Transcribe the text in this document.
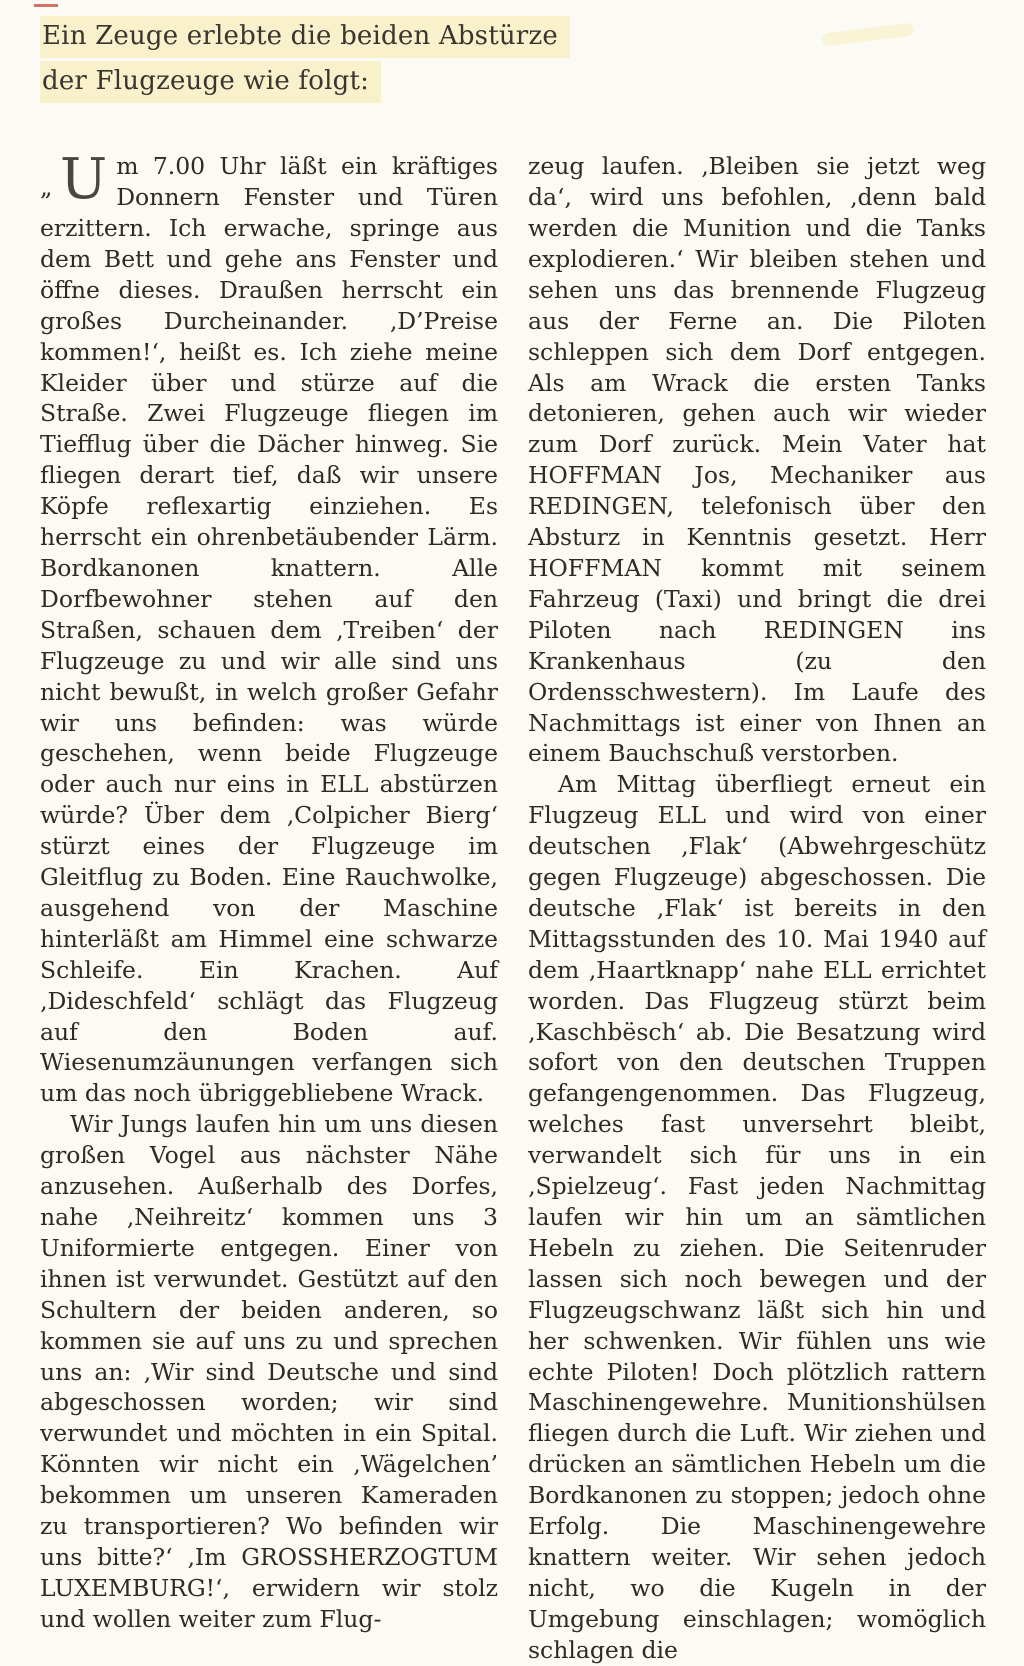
Ein Zeuge erlebte die beiden Abstürze
der Flugzeuge wie folgt:

„ U m 7.00 Uhr läßt ein kräftiges Donnern Fenster und Türen erzittern. Ich erwache, springe aus dem Bett und gehe ans Fenster und öffne dieses. Draußen herrscht ein großes Durcheinander. ‚D’Preise kommen!‘, heißt es. Ich ziehe meine Kleider über und stürze auf die Straße. Zwei Flugzeuge fliegen im Tiefflug über die Dächer hinweg. Sie fliegen derart tief, daß wir unsere Köpfe reflexartig einziehen. Es herrscht ein ohrenbetäubender Lärm. Bordkanonen knattern. Alle Dorfbewohner stehen auf den Straßen, schauen dem ‚Treiben‘ der Flugzeuge zu und wir alle sind uns nicht bewußt, in welch großer Gefahr wir uns befinden: was würde geschehen, wenn beide Flugzeuge oder auch nur eins in ELL abstürzen würde? Über dem ‚Colpicher Bierg‘ stürzt eines der Flugzeuge im Gleitflug zu Boden. Eine Rauchwolke, ausgehend von der Maschine hinterläßt am Himmel eine schwarze Schleife. Ein Krachen. Auf ‚Dideschfeld‘ schlägt das Flugzeug auf den Boden auf. Wiesenumzäunungen verfangen sich um das noch übriggebliebene Wrack.

Wir Jungs laufen hin um uns diesen großen Vogel aus nächster Nähe anzusehen. Außerhalb des Dorfes, nahe ‚Neihreitz‘ kommen uns 3 Uniformierte entgegen. Einer von ihnen ist verwundet. Gestützt auf den Schultern der beiden anderen, so kommen sie auf uns zu und sprechen uns an: ‚Wir sind Deutsche und sind abgeschossen worden; wir sind verwundet und möchten in ein Spital. Könnten wir nicht ein ‚Wägelchen’ bekommen um unseren Kameraden zu transportieren? Wo befinden wir uns bitte?‘ ‚Im GROSSHERZOGTUM LUXEMBURG!‘, erwidern wir stolz und wollen weiter zum Flug-

zeug laufen. ‚Bleiben sie jetzt weg da‘, wird uns befohlen, ‚denn bald werden die Munition und die Tanks explodieren.‘ Wir bleiben stehen und sehen uns das brennende Flugzeug aus der Ferne an. Die Piloten schleppen sich dem Dorf entgegen. Als am Wrack die ersten Tanks detonieren, gehen auch wir wieder zum Dorf zurück. Mein Vater hat HOFFMAN Jos, Mechaniker aus REDINGEN, telefonisch über den Absturz in Kenntnis gesetzt. Herr HOFFMAN kommt mit seinem Fahrzeug (Taxi) und bringt die drei Piloten nach REDINGEN ins Krankenhaus (zu den Ordensschwestern). Im Laufe des Nachmittags ist einer von Ihnen an einem Bauchschuß verstorben.

Am Mittag überfliegt erneut ein Flugzeug ELL und wird von einer deutschen ‚Flak‘ (Abwehrgeschütz gegen Flugzeuge) abgeschossen. Die deutsche ‚Flak‘ ist bereits in den Mittagsstunden des 10. Mai 1940 auf dem ‚Haartknapp‘ nahe ELL errichtet worden. Das Flugzeug stürzt beim ‚Kaschbësch‘ ab. Die Besatzung wird sofort von den deutschen Truppen gefangengenommen. Das Flugzeug, welches fast unversehrt bleibt, verwandelt sich für uns in ein ‚Spielzeug‘. Fast jeden Nachmittag laufen wir hin um an sämtlichen Hebeln zu ziehen. Die Seitenruder lassen sich noch bewegen und der Flugzeugschwanz läßt sich hin und her schwenken. Wir fühlen uns wie echte Piloten! Doch plötzlich rattern Maschinengewehre. Munitionshülsen fliegen durch die Luft. Wir ziehen und drücken an sämtlichen Hebeln um die Bordkanonen zu stoppen; jedoch ohne Erfolg. Die Maschinengewehre knattern weiter. Wir sehen jedoch nicht, wo die Kugeln in der Umgebung einschlagen; womöglich schlagen die
